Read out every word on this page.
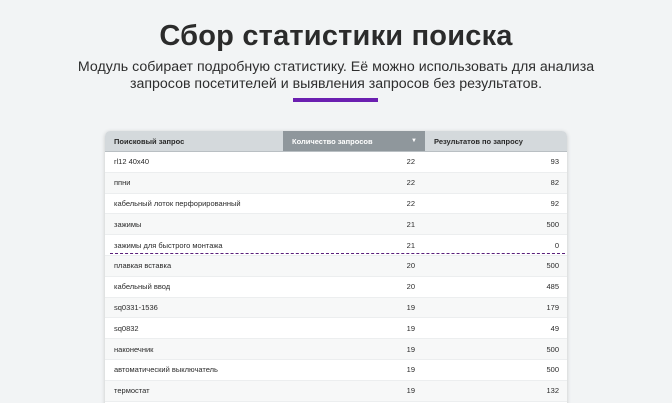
Сбор статистики поиска
Модуль собирает подробную статистику. Её можно использовать для анализа
запросов посетителей и выявления запросов без результатов.
Поисковый запрос	Количество запросов	▼ Результатов по запросу
rl12 40x40	22	93
ппни	22	82
кабельный лоток перфорированный	22	92
зажимы	21	500
зажимы для быстрого монтажа	21	0
плавкая вставка	20	500
кабельный ввод	20	485
sq0331-1536	19	179
sq0832	19	49
наконечник	19	500
автоматический выключатель	19	500
термостат	19	132
